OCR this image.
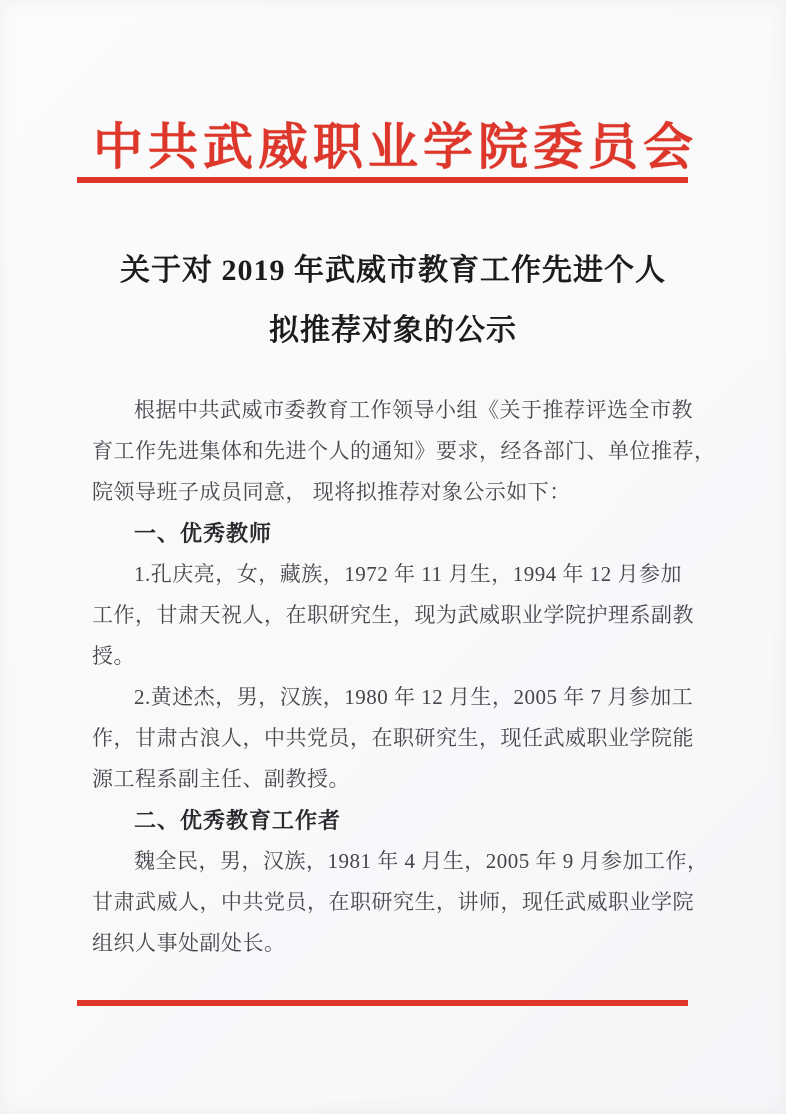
中共武威职业学院委员会
关于对 2019 年武威市教育工作先进个人
拟推荐对象的公示
根据中共武威市委教育工作领导小组《关于推荐评选全市教
育工作先进集体和先进个人的通知》要求，经各部门、单位推荐，
院领导班子成员同意， 现将拟推荐对象公示如下：
一、优秀教师
1.孔庆亮，女，藏族，1972 年 11 月生，1994 年 12 月参加
工作，甘肃天祝人，在职研究生，现为武威职业学院护理系副教
授。
2.黄述杰，男，汉族，1980 年 12 月生，2005 年 7 月参加工
作，甘肃古浪人，中共党员，在职研究生，现任武威职业学院能
源工程系副主任、副教授。
二、优秀教育工作者
魏全民，男，汉族，1981 年 4 月生，2005 年 9 月参加工作，
甘肃武威人，中共党员，在职研究生，讲师，现任武威职业学院
组织人事处副处长。
